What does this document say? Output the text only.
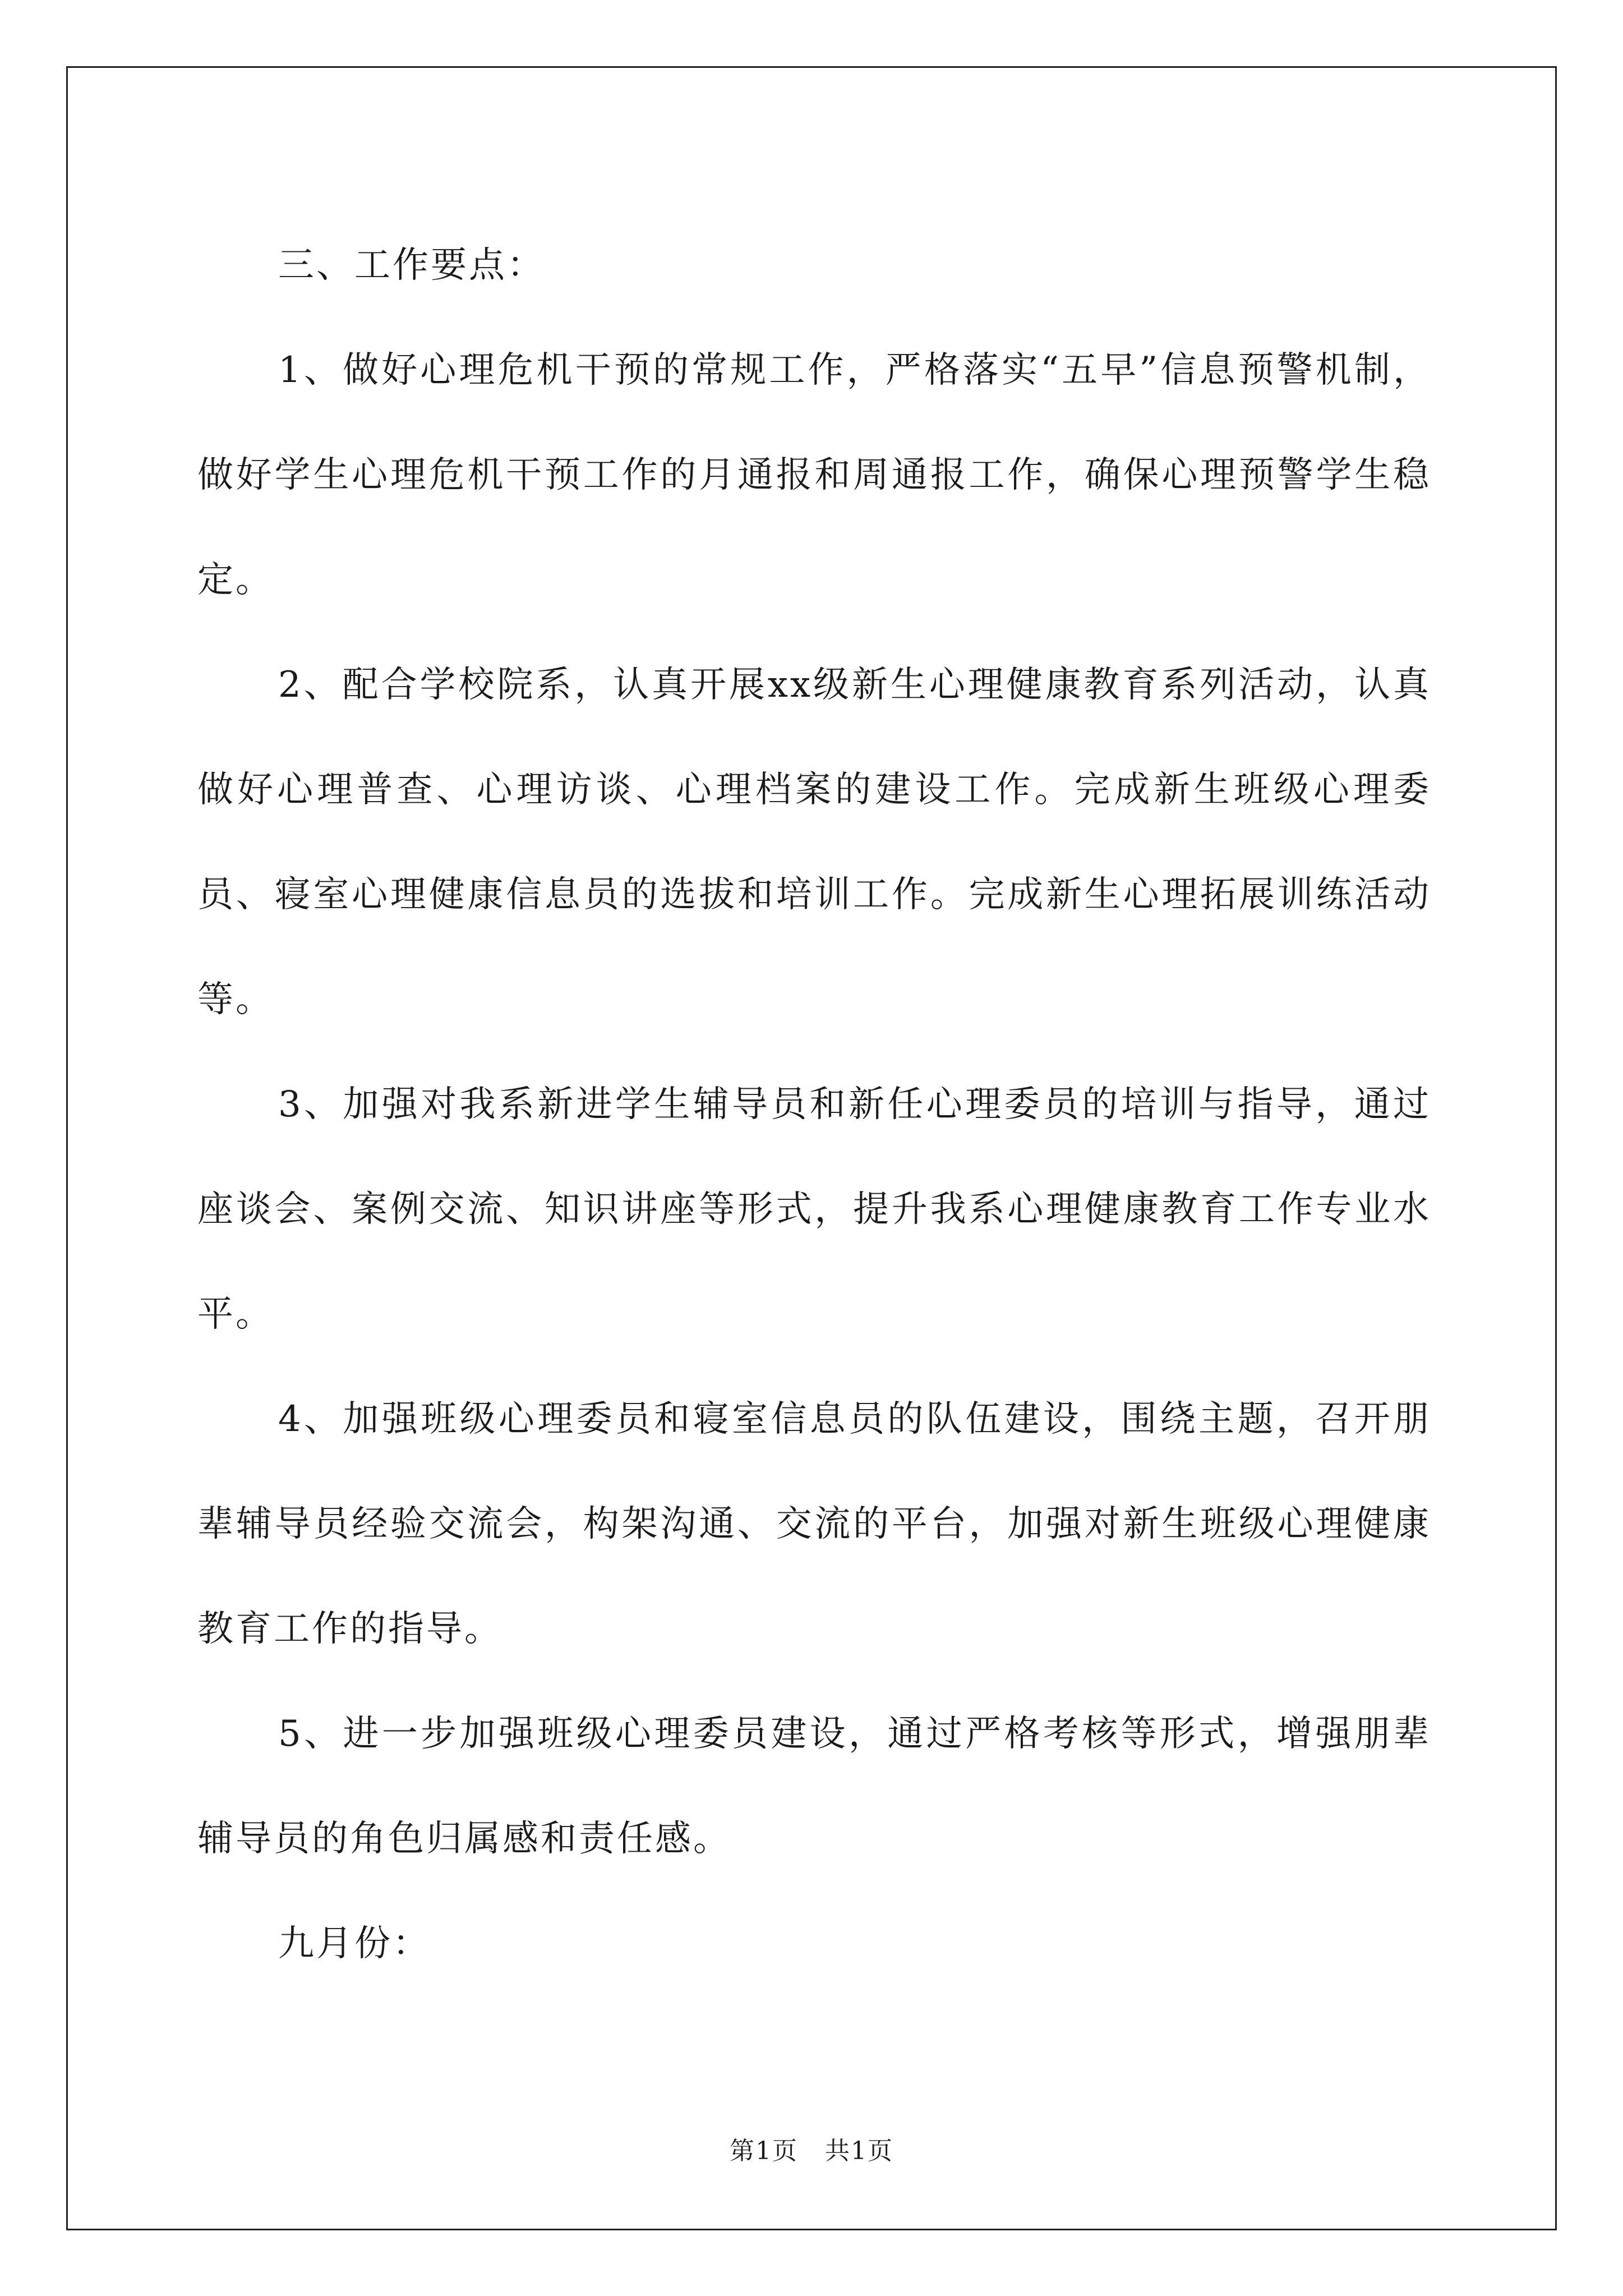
三、工作要点：

1、做好心理危机干预的常规工作，严格落实“五早”信息预警机制，做好学生心理危机干预工作的月通报和周通报工作，确保心理预警学生稳定。

2、配合学校院系，认真开展xx级新生心理健康教育系列活动，认真做好心理普查、心理访谈、心理档案的建设工作。完成新生班级心理委员、寝室心理健康信息员的选拔和培训工作。完成新生心理拓展训练活动等。

3、加强对我系新进学生辅导员和新任心理委员的培训与指导，通过座谈会、案例交流、知识讲座等形式，提升我系心理健康教育工作专业水平。

4、加强班级心理委员和寝室信息员的队伍建设，围绕主题，召开朋辈辅导员经验交流会，构架沟通、交流的平台，加强对新生班级心理健康教育工作的指导。

5、进一步加强班级心理委员建设，通过严格考核等形式，增强朋辈辅导员的角色归属感和责任感。

九月份：

第1页 共1页
